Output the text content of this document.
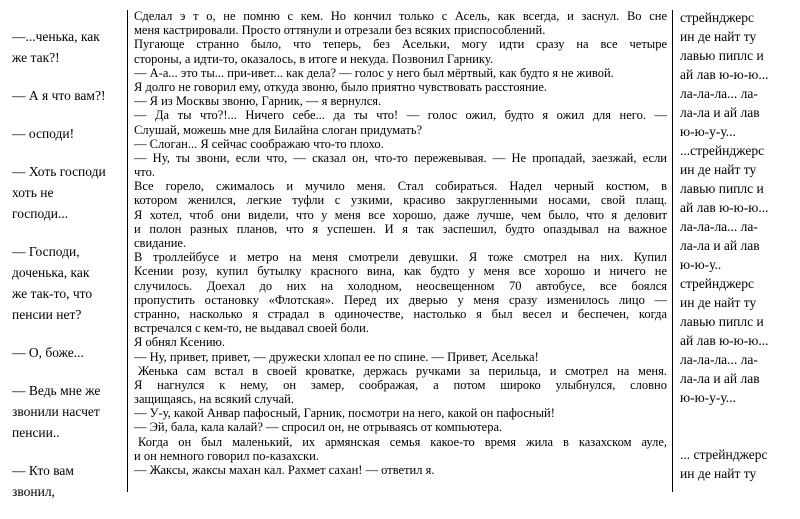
—...ченька, как
же так?!
— А я что вам?!
— осподи!
— Хоть господи
хоть не
господи...
— Господи,
доченька, как
же так-то, что
пенсии нет?
— О, боже...
— Ведь мне же
звонили насчет
пенсии..
— Кто вам
звонил,
Сделал э т о, не помню с кем. Но кончил только с Асель, как всегда, и заснул. Во сне
меня кастрировали. Просто оттянули и отрезали без всяких приспособлений.
Пугающе странно было, что теперь, без Асельки, могу идти сразу на все четыре
стороны, а идти-то, оказалось, в итоге и некуда. Позвонил Гарнику.
— А-а... это ты... при-ивет... как дела? — голос у него был мёртвый, как будто я не живой.
Я долго не говорил ему, откуда звоню, было приятно чувствовать расстояние.
— Я из Москвы звоню, Гарник, — я вернулся.
— Да ты что?!... Ничего себе... да ты что! — голос ожил, будто я ожил для него. —
Слушай, можешь мне для Билайна слоган придумать?
— Слоган... Я сейчас соображаю что-то плохо.
— Ну, ты звони, если что, — сказал он, что-то пережевывая. — Не пропадай, заезжай, если
что.
Все горело, сжималось и мучило меня. Стал собираться. Надел черный костюм, в
котором женился, легкие туфли с узкими, красиво закругленными носами, свой плащ.
Я хотел, чтоб они видели, что у меня все хорошо, даже лучше, чем было, что я деловит
и полон разных планов, что я успешен. И я так заспешил, будто опаздывал на важное
свидание.
В троллейбусе и метро на меня смотрели девушки. Я тоже смотрел на них. Купил
Ксении розу, купил бутылку красного вина, как будто у меня все хорошо и ничего не
случилось. Доехал до них на холодном, неосвещенном 70 автобусе, все боялся
пропустить остановку «Флотская». Перед их дверью у меня сразу изменилось лицо —
странно, насколько я страдал в одиночестве, настолько я был весел и беспечен, когда
встречался с кем-то, не выдавал своей боли.
Я обнял Ксению.
— Ну, привет, привет, — дружески хлопал ее по спине. — Привет, Аселька!
Женька сам встал в своей кроватке, держась ручками за перильца, и смотрел на меня.
Я нагнулся к нему, он замер, соображая, а потом широко улыбнулся, словно
защищаясь, на всякий случай.
— У-у, какой Анвар пафосный, Гарник, посмотри на него, какой он пафосный!
— Эй, бала, кала калай? — спросил он, не отрываясь от компьютера.
Когда он был маленький, их армянская семья какое-то время жила в казахском ауле,
и он немного говорил по-казахски.
— Жаксы, жаксы махан кал. Рахмет сахан! — ответил я.
стрейнджерс
ин де найт ту
лавью пиплс и
ай лав ю-ю-ю...
ла-ла-ла... ла-
ла-ла и ай лав
ю-ю-у-у...
...стрейнджерс
ин де найт ту
лавью пиплс и
ай лав ю-ю-ю...
ла-ла-ла... ла-
ла-ла и ай лав
ю-ю-у..
стрейнджерс
ин де найт ту
лавью пиплс и
ай лав ю-ю-ю...
ла-ла-ла... ла-
ла-ла и ай лав
ю-ю-у-у...
... стрейнджерс
ин де найт ту
